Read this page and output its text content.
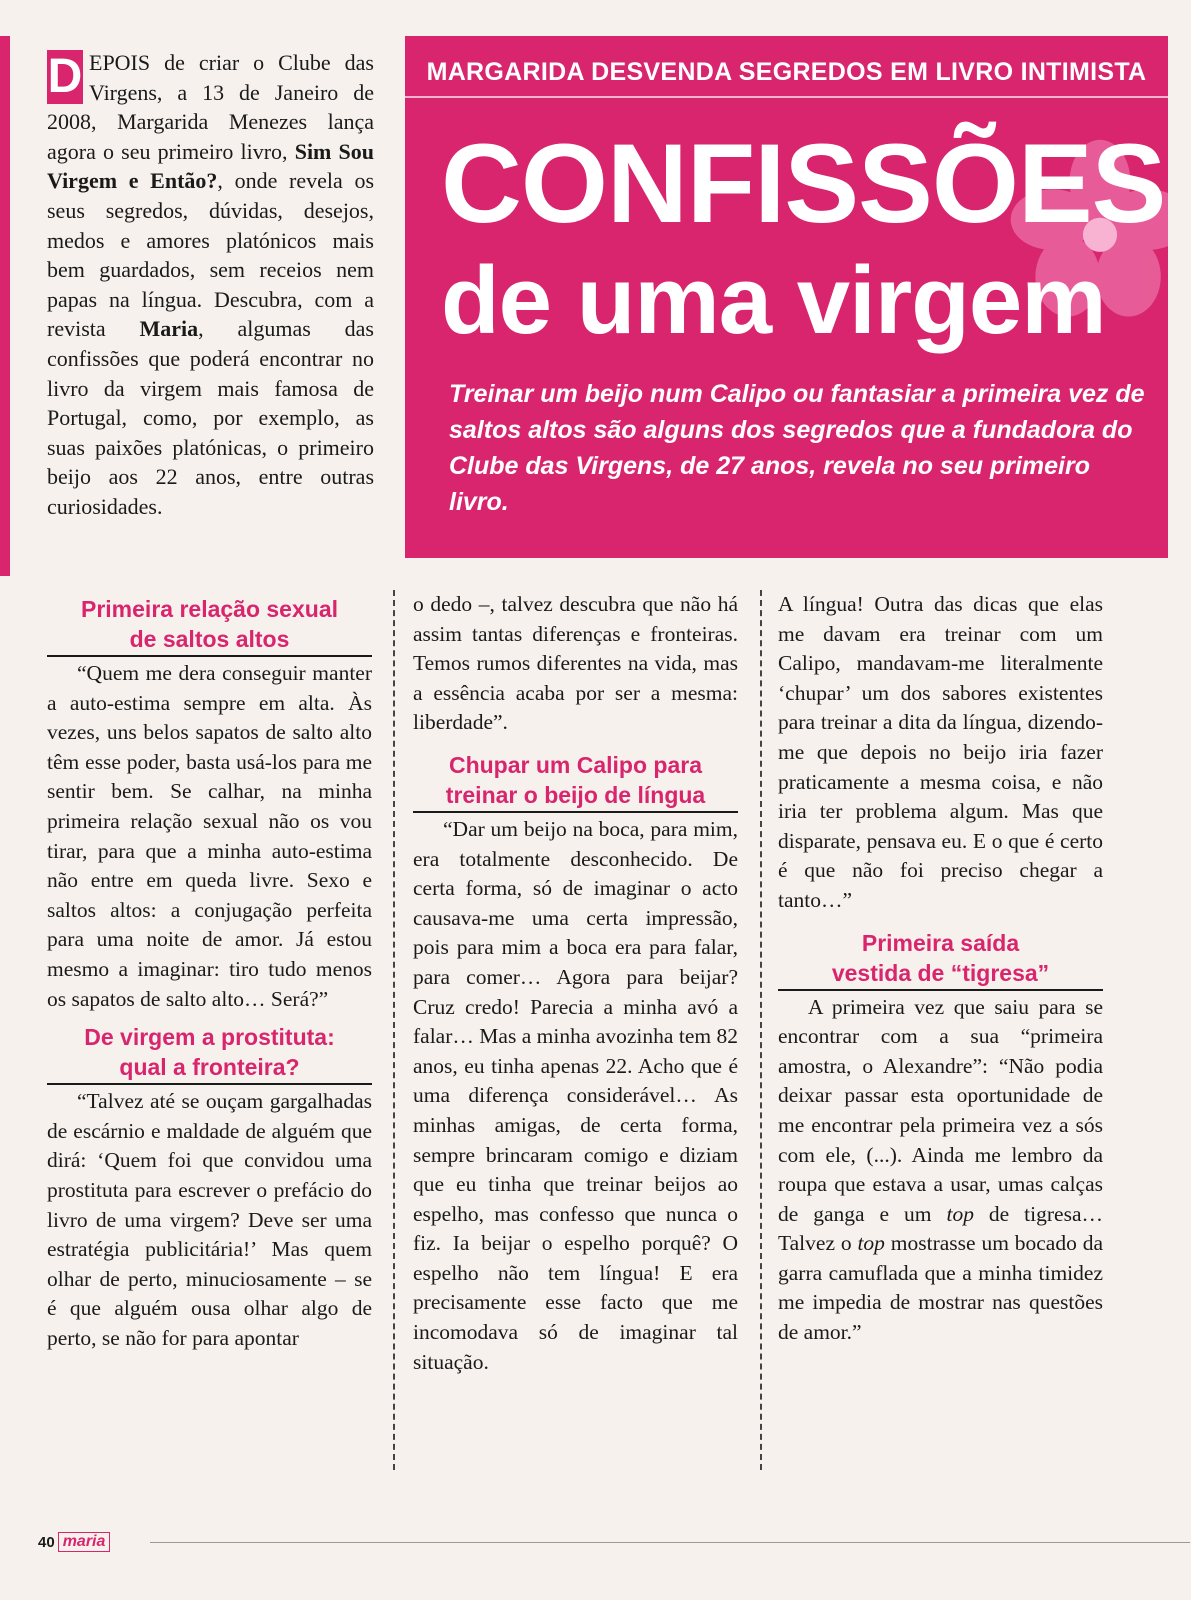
D EPOIS de criar o Clube das Virgens, a 13 de Janeiro de 2008, Margarida Menezes lança agora o seu primeiro livro, Sim Sou Virgem e Então?, onde revela os seus segredos, dúvidas, desejos, medos e amores platónicos mais bem guardados, sem receios nem papas na língua. Descubra, com a revista Maria, algumas das confissões que poderá encontrar no livro da virgem mais famosa de Portugal, como, por exemplo, as suas paixões platónicas, o primeiro beijo aos 22 anos, entre outras curiosidades.
MARGARIDA DESVENDA SEGREDOS EM LIVRO INTIMISTA
CONFISSÕES
de uma virgem
Treinar um beijo num Calipo ou fantasiar a primeira vez de saltos altos são alguns dos segredos que a fundadora do Clube das Virgens, de 27 anos, revela no seu primeiro livro.
Primeira relação sexual
de saltos altos

“Quem me dera conseguir manter a auto-estima sempre em alta. Às vezes, uns belos sapatos de salto alto têm esse poder, basta usá-los para me sentir bem. Se calhar, na minha primeira relação sexual não os vou tirar, para que a minha auto-estima não entre em queda livre. Sexo e saltos altos: a conjugação perfeita para uma noite de amor. Já estou mesmo a imaginar: tiro tudo menos os sapatos de salto alto… Será?”

De virgem a prostituta:
qual a fronteira?

“Talvez até se ouçam gargalhadas de escárnio e maldade de alguém que dirá: ‘Quem foi que convidou uma prostituta para escrever o prefácio do livro de uma virgem? Deve ser uma estratégia publicitária!’ Mas quem olhar de perto, minuciosamente – se é que alguém ousa olhar algo de perto, se não for para apontar

o dedo –, talvez descubra que não há assim tantas diferenças e fronteiras. Temos rumos diferentes na vida, mas a essência acaba por ser a mesma: liberdade”.

Chupar um Calipo para
treinar o beijo de língua

“Dar um beijo na boca, para mim, era totalmente desconhecido. De certa forma, só de imaginar o acto causava-me uma certa impressão, pois para mim a boca era para falar, para comer… Agora para beijar? Cruz credo! Parecia a minha avó a falar… Mas a minha avozinha tem 82 anos, eu tinha apenas 22. Acho que é uma diferença considerável… As minhas amigas, de certa forma, sempre brincaram comigo e diziam que eu tinha que treinar beijos ao espelho, mas confesso que nunca o fiz. Ia beijar o espelho porquê? O espelho não tem língua! E era precisamente esse facto que me incomodava só de imaginar tal situação.

A língua! Outra das dicas que elas me davam era treinar com um Calipo, mandavam-me literalmente ‘chupar’ um dos sabores existentes para treinar a dita da língua, dizendo-me que depois no beijo iria fazer praticamente a mesma coisa, e não iria ter problema algum. Mas que disparate, pensava eu. E o que é certo é que não foi preciso chegar a tanto…”

Primeira saída
vestida de “tigresa”

A primeira vez que saiu para se encontrar com a sua “primeira amostra, o Alexandre”: “Não podia deixar passar esta oportunidade de me encontrar pela primeira vez a sós com ele, (...). Ainda me lembro da roupa que estava a usar, umas calças de ganga e um top de tigresa… Talvez o top mostrasse um bocado da garra camuflada que a minha timidez me impedia de mostrar nas questões de amor.”

40 maria
